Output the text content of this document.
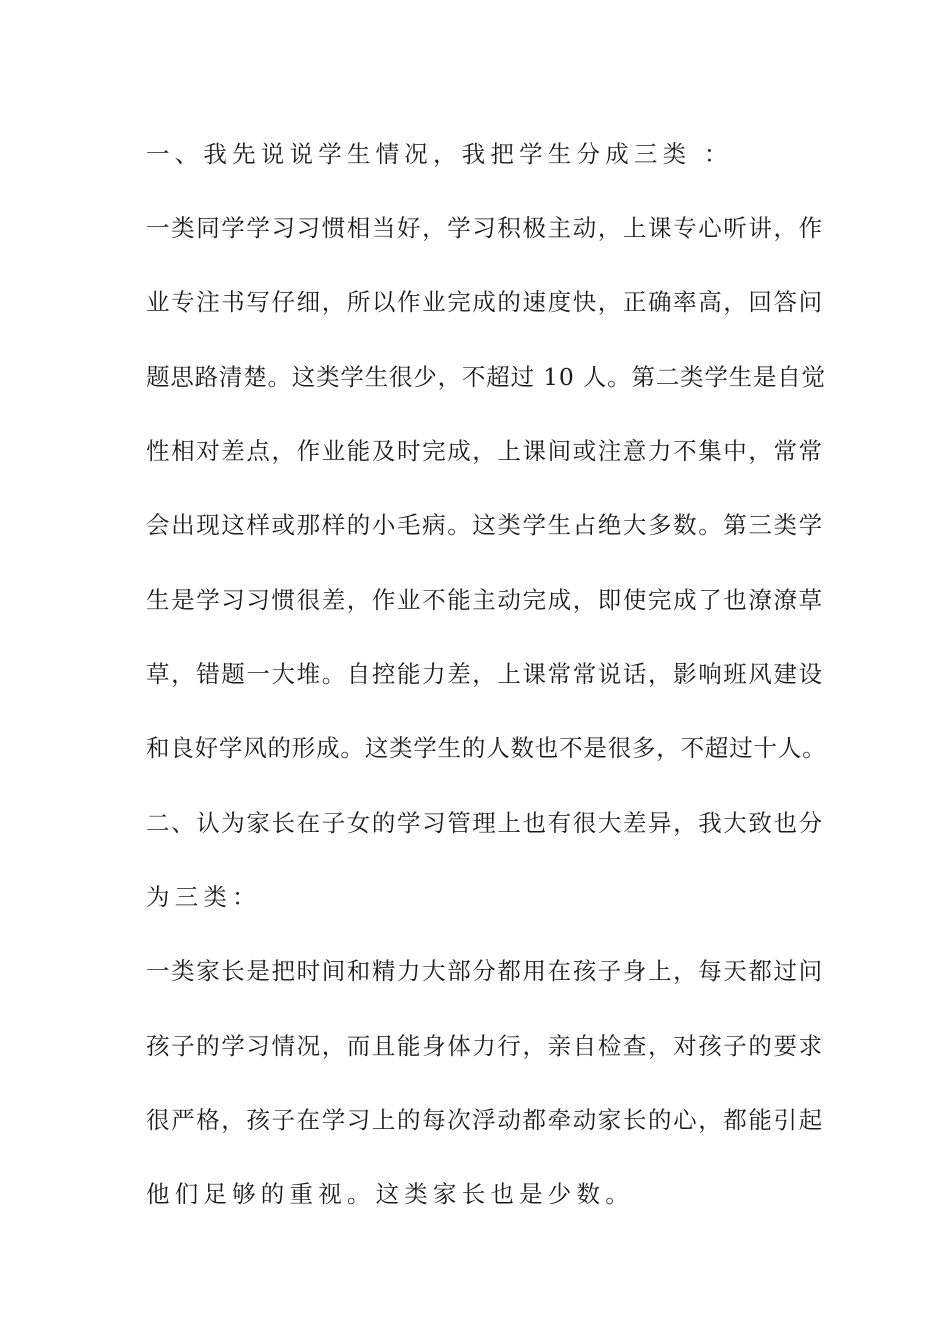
一、我先说说学生情况，我把学生分成三类 ：
一类同学学习习惯相当好，学习积极主动，上课专心听讲，作
业专注书写仔细，所以作业完成的速度快，正确率高，回答问
题思路清楚。这类学生很少，不超过 10 人。第二类学生是自觉
性相对差点，作业能及时完成，上课间或注意力不集中，常常
会出现这样或那样的小毛病。这类学生占绝大多数。第三类学
生是学习习惯很差，作业不能主动完成，即使完成了也潦潦草
草，错题一大堆。自控能力差，上课常常说话，影响班风建设
和良好学风的形成。这类学生的人数也不是很多，不超过十人。
二、认为家长在子女的学习管理上也有很大差异，我大致也分
为三类：
一类家长是把时间和精力大部分都用在孩子身上，每天都过问
孩子的学习情况，而且能身体力行，亲自检查，对孩子的要求
很严格，孩子在学习上的每次浮动都牵动家长的心，都能引起
他们足够的重视。这类家长也是少数。
